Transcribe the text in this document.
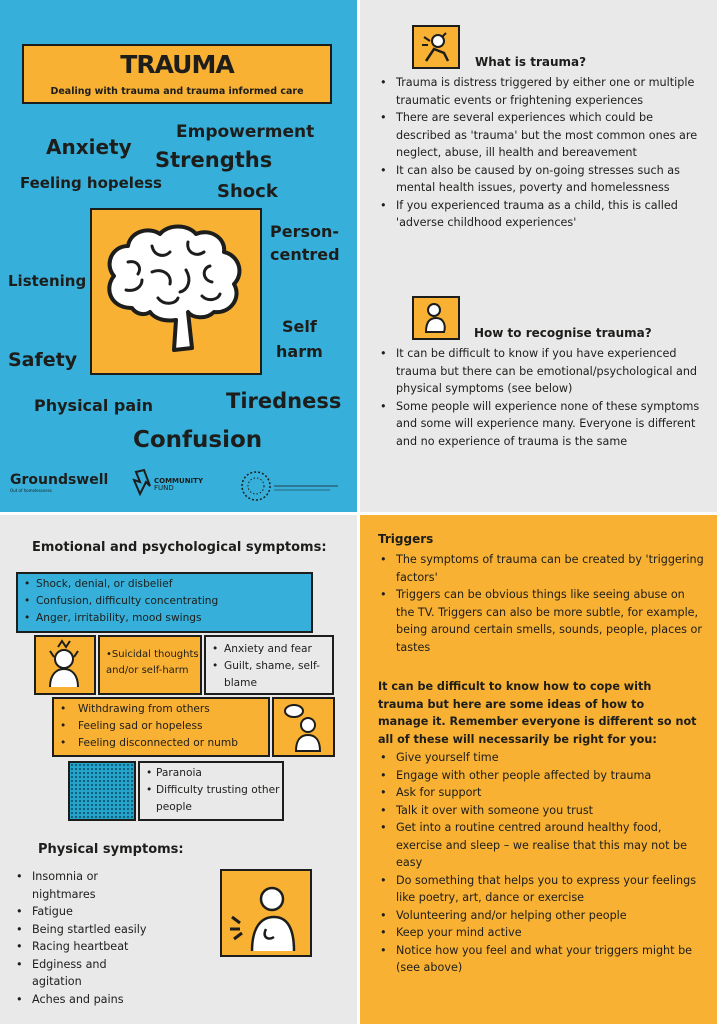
TRAUMA
Dealing with trauma and trauma informed care
Empowerment
Anxiety
Strengths
Feeling hopeless	Shock
Person-
centred
Listening
Self
harm
Safety
Physical pain	Tiredness
Confusion
Groundswell
Out of homelessness
COMMUNITY
FUND
What is trauma?
• Trauma is distress triggered by either one or multiple traumatic events or frightening experiences
• There are several experiences which could be described as 'trauma' but the most common ones are neglect, abuse, ill health and bereavement
• It can also be caused by on-going stresses such as mental health issues, poverty and homelessness
• If you experienced trauma as a child, this is called 'adverse childhood experiences'
How to recognise trauma?
• It can be difficult to know if you have experienced trauma but there can be emotional/psychological and physical symptoms (see below)
• Some people will experience none of these symptoms and some will experience many. Everyone is different and no experience of trauma is the same
Emotional and psychological symptoms:
• Shock, denial, or disbelief
• Confusion, difficulty concentrating
• Anger, irritability, mood swings
•Suicidal thoughts and/or self-harm
• Anxiety and fear
• Guilt, shame, self-blame
• Withdrawing from others
• Feeling sad or hopeless
• Feeling disconnected or numb
• Paranoia
• Difficulty trusting other people
Physical symptoms:
• Insomnia or nightmares
• Fatigue
• Being startled easily
• Racing heartbeat
• Edginess and agitation
• Aches and pains
Triggers
• The symptoms of trauma can be created by 'triggering factors'
• Triggers can be obvious things like seeing abuse on the TV. Triggers can also be more subtle, for example, being around certain smells, sounds, people, places or tastes
It can be difficult to know how to cope with trauma but here are some ideas of how to manage it. Remember everyone is different so not all of these will necessarily be right for you:
• Give yourself time
• Engage with other people affected by trauma
• Ask for support
• Talk it over with someone you trust
• Get into a routine centred around healthy food, exercise and sleep – we realise that this may not be easy
• Do something that helps you to express your feelings like poetry, art, dance or exercise
• Volunteering and/or helping other people
• Keep your mind active
• Notice how you feel and what your triggers might be (see above)
